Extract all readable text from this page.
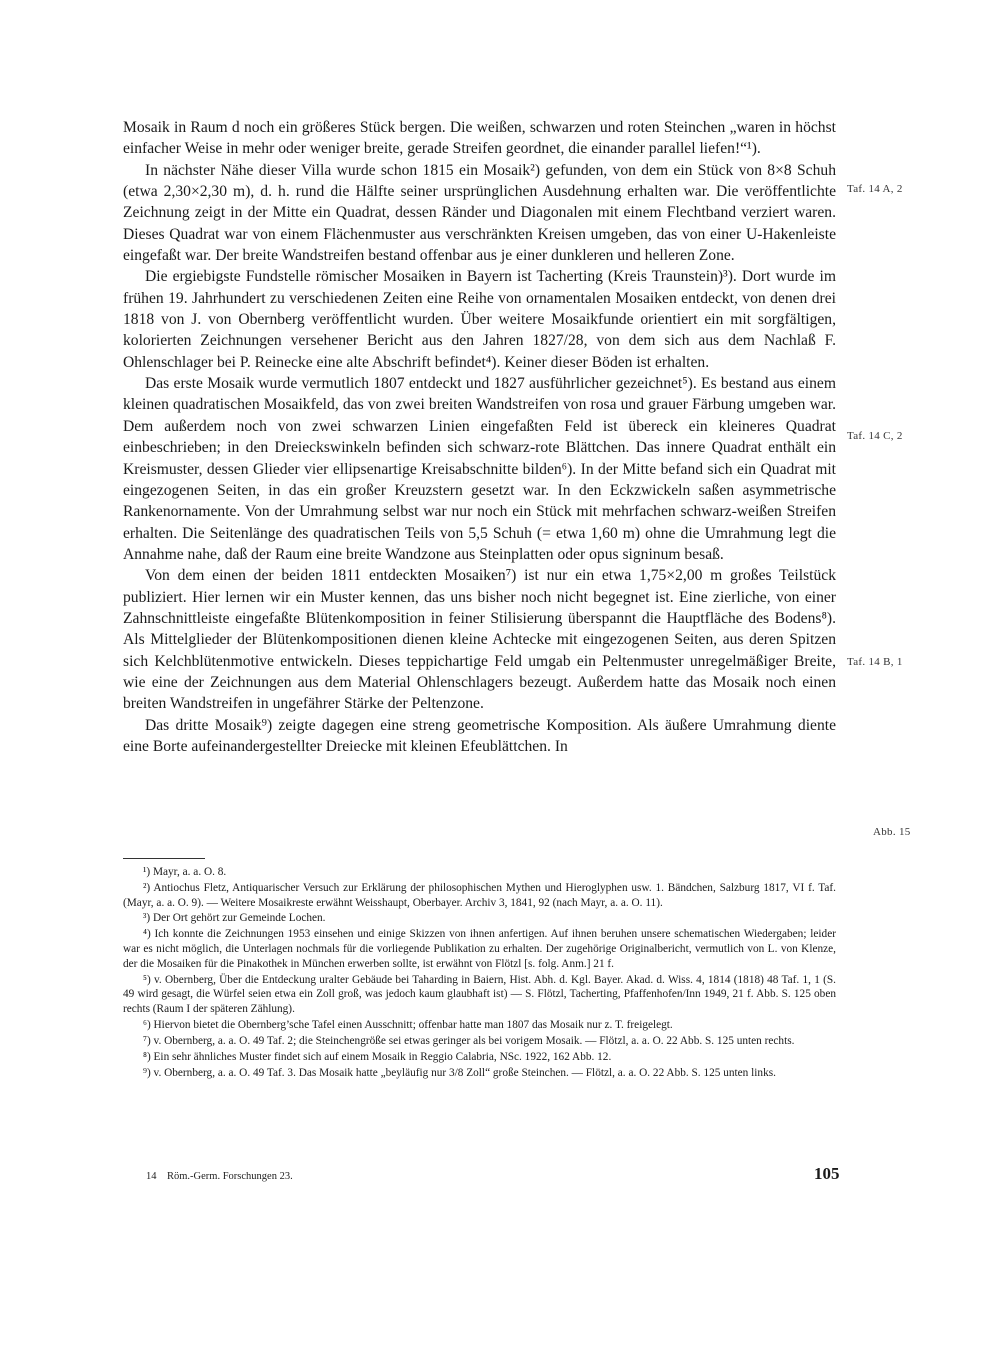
Mosaik in Raum d noch ein größeres Stück bergen. Die weißen, schwarzen und roten Steinchen „waren in höchst einfacher Weise in mehr oder weniger breite, gerade Streifen geordnet, die einander parallel liefen!“¹).

In nächster Nähe dieser Villa wurde schon 1815 ein Mosaik²) gefunden, von dem ein Stück von 8×8 Schuh (etwa 2,30×2,30 m), d. h. rund die Hälfte seiner ursprünglichen Ausdehnung erhalten war. Die veröffentlichte Zeichnung zeigt in der Mitte ein Quadrat, dessen Ränder und Diagonalen mit einem Flechtband verziert waren. Dieses Quadrat war von einem Flächenmuster aus verschränkten Kreisen umgeben, das von einer U-Hakenleiste eingefaßt war. Der breite Wandstreifen bestand offenbar aus je einer dunkleren und helleren Zone.

Die ergiebigste Fundstelle römischer Mosaiken in Bayern ist Tacherting (Kreis Traunstein)³). Dort wurde im frühen 19. Jahrhundert zu verschiedenen Zeiten eine Reihe von ornamentalen Mosaiken entdeckt, von denen drei 1818 von J. von Obernberg veröffentlicht wurden. Über weitere Mosaikfunde orientiert ein mit sorgfältigen, kolorierten Zeichnungen versehener Bericht aus den Jahren 1827/28, von dem sich aus dem Nachlaß F. Ohlenschlager bei P. Reinecke eine alte Abschrift befindet⁴). Keiner dieser Böden ist erhalten.

Das erste Mosaik wurde vermutlich 1807 entdeckt und 1827 ausführlicher gezeichnet⁵). Es bestand aus einem kleinen quadratischen Mosaikfeld, das von zwei breiten Wandstreifen von rosa und grauer Färbung umgeben war. Dem außerdem noch von zwei schwarzen Linien eingefaßten Feld ist übereck ein kleineres Quadrat einbeschrieben; in den Dreieckswinkeln befinden sich schwarz-rote Blättchen. Das innere Quadrat enthält ein Kreismuster, dessen Glieder vier ellipsenartige Kreisabschnitte bilden⁶). In der Mitte befand sich ein Quadrat mit eingezogenen Seiten, in das ein großer Kreuzstern gesetzt war. In den Eckzwickeln saßen asymmetrische Rankenornamente. Von der Umrahmung selbst war nur noch ein Stück mit mehrfachen schwarz-weißen Streifen erhalten. Die Seitenlänge des quadratischen Teils von 5,5 Schuh (= etwa 1,60 m) ohne die Umrahmung legt die Annahme nahe, daß der Raum eine breite Wandzone aus Steinplatten oder opus signinum besaß.

Von dem einen der beiden 1811 entdeckten Mosaiken⁷) ist nur ein etwa 1,75×2,00 m großes Teilstück publiziert. Hier lernen wir ein Muster kennen, das uns bisher noch nicht begegnet ist. Eine zierliche, von einer Zahnschnittleiste eingefaßte Blütenkomposition in feiner Stilisierung überspannt die Hauptfläche des Bodens⁸). Als Mittelglieder der Blütenkompositionen dienen kleine Achtecke mit eingezogenen Seiten, aus deren Spitzen sich Kelchblütenmotive entwickeln. Dieses teppichartige Feld umgab ein Peltenmuster unregelmäßiger Breite, wie eine der Zeichnungen aus dem Material Ohlenschlagers bezeugt. Außerdem hatte das Mosaik noch einen breiten Wandstreifen in ungefährer Stärke der Peltenzone.

Das dritte Mosaik⁹) zeigte dagegen eine streng geometrische Komposition. Als äußere Umrahmung diente eine Borte aufeinandergestellter Dreiecke mit kleinen Efeublättchen. In

Taf. 14 A, 2
Taf. 14 C, 2
Taf. 14 B, 1
Abb. 15

¹) Mayr, a. a. O. 8.

²) Antiochus Fletz, Antiquarischer Versuch zur Erklärung der philosophischen Mythen und Hieroglyphen usw. 1. Bändchen, Salzburg 1817, VI f. Taf. (Mayr, a. a. O. 9). — Weitere Mosaikreste erwähnt Weisshaupt, Oberbayer. Archiv 3, 1841, 92 (nach Mayr, a. a. O. 11).

³) Der Ort gehört zur Gemeinde Lochen.

⁴) Ich konnte die Zeichnungen 1953 einsehen und einige Skizzen von ihnen anfertigen. Auf ihnen beruhen unsere schematischen Wiedergaben; leider war es nicht möglich, die Unterlagen nochmals für die vorliegende Publikation zu erhalten. Der zugehörige Originalbericht, vermutlich von L. von Klenze, der die Mosaiken für die Pinakothek in München erwerben sollte, ist erwähnt von Flötzl [s. folg. Anm.] 21 f.

⁵) v. Obernberg, Über die Entdeckung uralter Gebäude bei Taharding in Baiern, Hist. Abh. d. Kgl. Bayer. Akad. d. Wiss. 4, 1814 (1818) 48 Taf. 1, 1 (S. 49 wird gesagt, die Würfel seien etwa ein Zoll groß, was jedoch kaum glaubhaft ist) — S. Flötzl, Tacherting, Pfaffenhofen/Inn 1949, 21 f. Abb. S. 125 oben rechts (Raum I der späteren Zählung).

⁶) Hiervon bietet die Obernberg’sche Tafel einen Ausschnitt; offenbar hatte man 1807 das Mosaik nur z. T. freigelegt.

⁷) v. Obernberg, a. a. O. 49 Taf. 2; die Steinchengröße sei etwas geringer als bei vorigem Mosaik. — Flötzl, a. a. O. 22 Abb. S. 125 unten rechts.

⁸) Ein sehr ähnliches Muster findet sich auf einem Mosaik in Reggio Calabria, NSc. 1922, 162 Abb. 12.

⁹) v. Obernberg, a. a. O. 49 Taf. 3. Das Mosaik hatte „beyläufig nur 3/8 Zoll“ große Steinchen. — Flötzl, a. a. O. 22 Abb. S. 125 unten links.

14    Röm.-Germ. Forschungen 23.	105
